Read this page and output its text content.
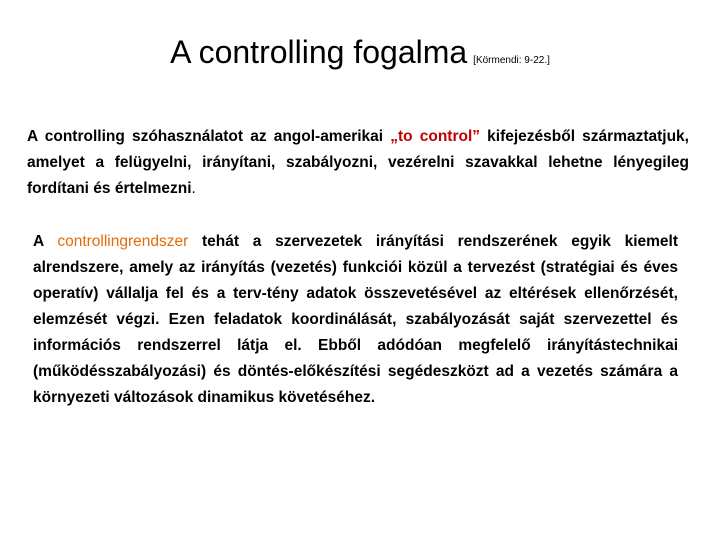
A controlling fogalma [Körmendi: 9-22.]

A controlling szóhasználatot az angol-amerikai „to control” kifejezésből származtatjuk, amelyet a felügyelni, irányítani, szabályozni, vezérelni szavakkal lehetne lényegileg fordítani és értelmezni.

A controllingrendszer tehát a szervezetek irányítási rendszerének egyik kiemelt alrendszere, amely az irányítás (vezetés) funkciói közül a tervezést (stratégiai és éves operatív) vállalja fel és a terv-tény adatok összevetésével az eltérések ellenőrzését, elemzését végzi. Ezen feladatok koordinálását, szabályozását saját szervezettel és információs rendszerrel látja el. Ebből adódóan megfelelő irányítástechnikai (működésszabályozási) és döntés-előkészítési segédeszközt ad a vezetés számára a környezeti változások dinamikus követéséhez.
